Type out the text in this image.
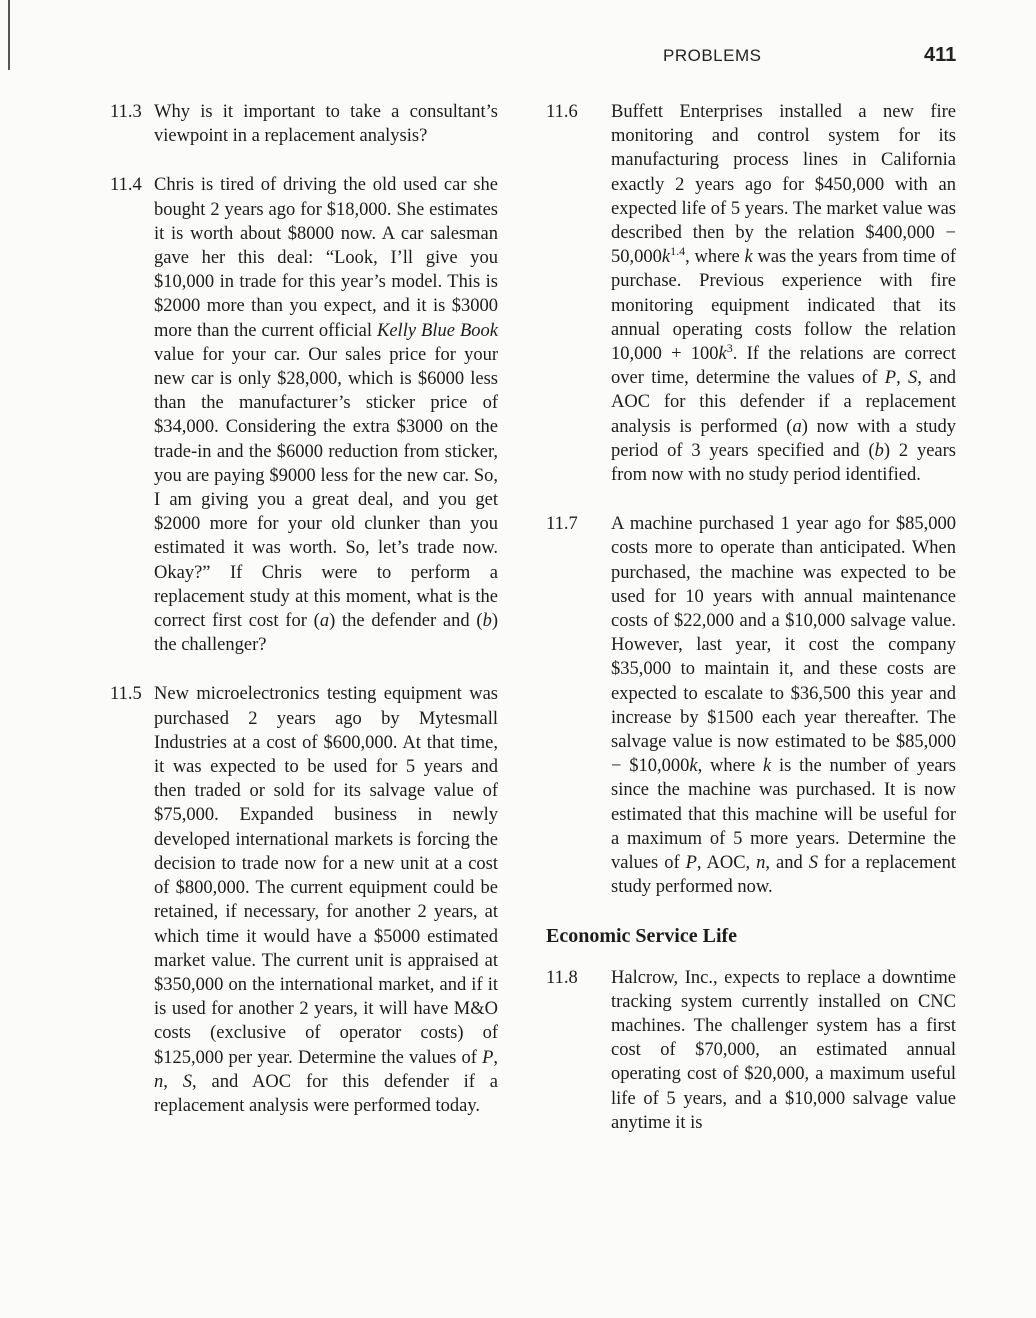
PROBLEMS	411
11.3 Why is it important to take a consultant’s viewpoint in a replacement analysis?
11.4 Chris is tired of driving the old used car she bought 2 years ago for $18,000. She estimates it is worth about $8000 now. A car salesman gave her this deal: “Look, I’ll give you $10,000 in trade for this year’s model. This is $2000 more than you expect, and it is $3000 more than the current official Kelly Blue Book value for your car. Our sales price for your new car is only $28,000, which is $6000 less than the manufacturer’s sticker price of $34,000. Considering the extra $3000 on the trade-in and the $6000 reduction from sticker, you are paying $9000 less for the new car. So, I am giving you a great deal, and you get $2000 more for your old clunker than you estimated it was worth. So, let’s trade now. Okay?” If Chris were to perform a replacement study at this moment, what is the correct first cost for (a) the defender and (b) the challenger?
11.5 New microelectronics testing equipment was purchased 2 years ago by Mytesmall Industries at a cost of $600,000. At that time, it was expected to be used for 5 years and then traded or sold for its salvage value of $75,000. Expanded business in newly developed international markets is forcing the decision to trade now for a new unit at a cost of $800,000. The current equipment could be retained, if necessary, for another 2 years, at which time it would have a $5000 estimated market value. The current unit is appraised at $350,000 on the international market, and if it is used for another 2 years, it will have M&O costs (exclusive of operator costs) of $125,000 per year. Determine the values of P, n, S, and AOC for this defender if a replacement analysis were performed today.
11.6 Buffett Enterprises installed a new fire monitoring and control system for its manufacturing process lines in California exactly 2 years ago for $450,000 with an expected life of 5 years. The market value was described then by the relation $400,000 − $50,000k^{1.4}$, where k was the years from time of purchase. Previous experience with fire monitoring equipment indicated that its annual operating costs follow the relation $10,000 + 100k^3$. If the relations are correct over time, determine the values of P, S, and AOC for this defender if a replacement analysis is performed (a) now with a study period of 3 years specified and (b) 2 years from now with no study period identified.
11.7 A machine purchased 1 year ago for $85,000 costs more to operate than anticipated. When purchased, the machine was expected to be used for 10 years with annual maintenance costs of $22,000 and a $10,000 salvage value. However, last year, it cost the company $35,000 to maintain it, and these costs are expected to escalate to $36,500 this year and increase by $1500 each year thereafter. The salvage value is now estimated to be $85,000 − $10,000k, where k is the number of years since the machine was purchased. It is now estimated that this machine will be useful for a maximum of 5 more years. Determine the values of P, AOC, n, and S for a replacement study performed now.
Economic Service Life
11.8 Halcrow, Inc., expects to replace a downtime tracking system currently installed on CNC machines. The challenger system has a first cost of $70,000, an estimated annual operating cost of $20,000, a maximum useful life of 5 years, and a $10,000 salvage value anytime it is
